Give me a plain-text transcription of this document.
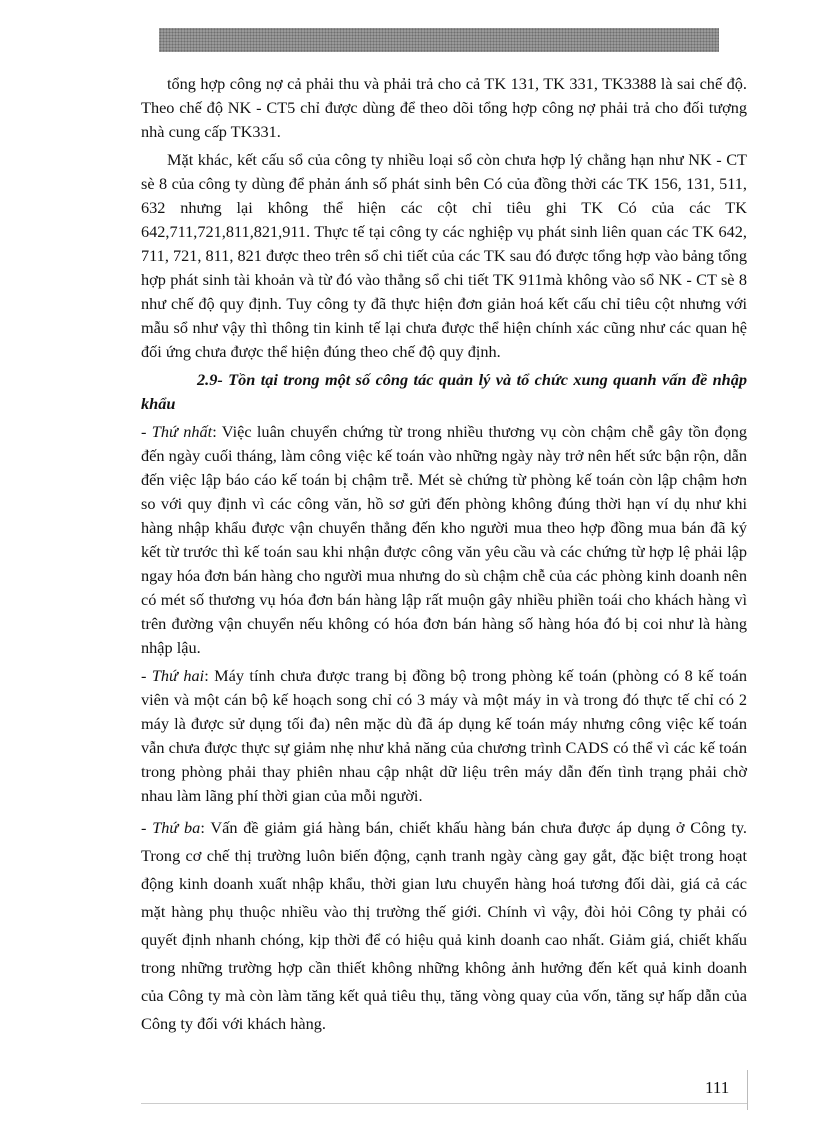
tổng hợp công nợ cả phải thu và phải trả cho cả TK 131, TK 331, TK3388 là sai chế độ. Theo chế độ NK - CT5 chỉ được dùng để theo dõi tổng hợp công nợ phải trả cho đối tượng nhà cung cấp TK331.

Mặt khác, kết cấu sổ của công ty nhiều loại sổ còn chưa hợp lý chẳng hạn như NK - CT sè 8 của công ty dùng để phản ánh số phát sinh bên Có của đồng thời các TK 156, 131, 511, 632 nhưng lại không thể hiện các cột chỉ tiêu ghi TK Có của các TK 642,711,721,811,821,911. Thực tế tại công ty các nghiệp vụ phát sinh liên quan các TK 642, 711, 721, 811, 821 được theo trên sổ chi tiết của các TK sau đó được tổng hợp vào bảng tổng hợp phát sinh tài khoản và từ đó vào thẳng sổ chi tiết TK 911mà không vào sổ NK - CT sè 8 như chế độ quy định. Tuy công ty đã thực hiện đơn giản hoá kết cấu chỉ tiêu cột nhưng với mẫu sổ như vậy thì thông tin kinh tế lại chưa được thể hiện chính xác cũng như các quan hệ đối ứng chưa được thể hiện đúng theo chế độ quy định.

2.9- Tồn tại trong một số công tác quản lý và tổ chức xung quanh vấn đề nhập khẩu

- Thứ nhất: Việc luân chuyển chứng từ trong nhiều thương vụ còn chậm chễ gây tồn đọng đến ngày cuối tháng, làm công việc kế toán vào những ngày này trở nên hết sức bận rộn, dẫn đến việc lập báo cáo kế toán bị chậm trễ. Mét sè chứng từ phòng kế toán còn lập chậm hơn so với quy định vì các công văn, hồ sơ gửi đến phòng không đúng thời hạn ví dụ như khi hàng nhập khẩu được vận chuyển thẳng đến kho người mua theo hợp đồng mua bán đã ký kết từ trước thì kế toán sau khi nhận được công văn yêu cầu và các chứng từ hợp lệ phải lập ngay hóa đơn bán hàng cho người mua nhưng do sù chậm chễ của các phòng kinh doanh nên có mét số thương vụ hóa đơn bán hàng lập rất muộn gây nhiều phiền toái cho khách hàng vì trên đường vận chuyển nếu không có hóa đơn bán hàng số hàng hóa đó bị coi như là hàng nhập lậu.

- Thứ hai: Máy tính chưa được trang bị đồng bộ trong phòng kế toán (phòng có 8 kế toán viên và một cán bộ kế hoạch song chỉ có 3 máy và một máy in và trong đó thực tế chỉ có 2 máy là được sử dụng tối đa) nên mặc dù đã áp dụng kế toán máy nhưng công việc kế toán vẫn chưa được thực sự giảm nhẹ như khả năng của chương trình CADS có thể vì các kế toán trong phòng phải thay phiên nhau cập nhật dữ liệu trên máy dẫn đến tình trạng phải chờ nhau làm lãng phí thời gian của mỗi người.

- Thứ ba: Vấn đề giảm giá hàng bán, chiết khấu hàng bán chưa được áp dụng ở Công ty. Trong cơ chế thị trường luôn biến động, cạnh tranh ngày càng gay gắt, đặc biệt trong hoạt động kinh doanh xuất nhập khẩu, thời gian lưu chuyển hàng hoá tương đối dài, giá cả các mặt hàng phụ thuộc nhiều vào thị trường thế giới. Chính vì vậy, đòi hỏi Công ty phải có quyết định nhanh chóng, kịp thời để có hiệu quả kinh doanh cao nhất. Giảm giá, chiết khấu trong những trường hợp cần thiết không những không ảnh hưởng đến kết quả kinh doanh của Công ty mà còn làm tăng kết quả tiêu thụ, tăng vòng quay của vốn, tăng sự hấp dẫn của Công ty đối với khách hàng.

111
